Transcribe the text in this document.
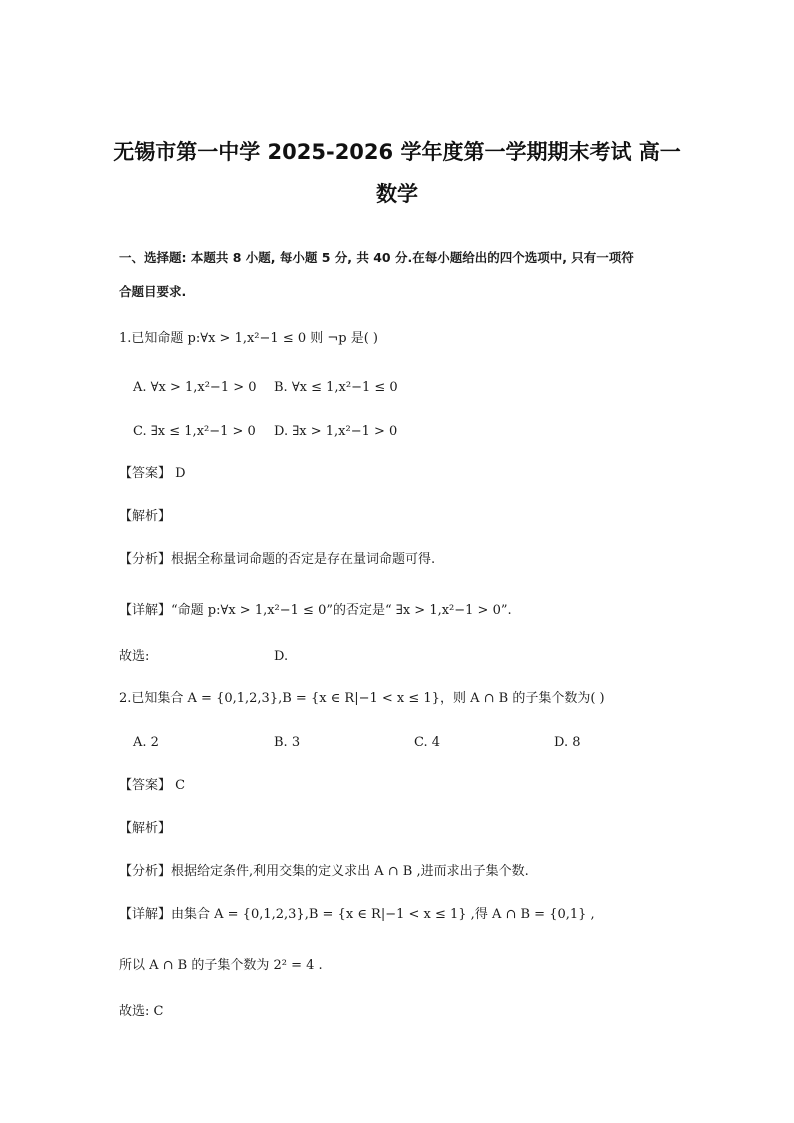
无锡市第一中学 2025-2026 学年度第一学期期末考试 高一
数学
一、选择题: 本题共 8 小题, 每小题 5 分, 共 40 分.在每小题给出的四个选项中, 只有一项符
合题目要求.
1.已知命题 p:∀x > 1,x²−1 ≤ 0 则 ¬p 是( )
A. ∀x > 1,x²−1 > 0 B. ∀x ≤ 1,x²−1 ≤ 0
C. ∃x ≤ 1,x²−1 > 0 D. ∃x > 1,x²−1 > 0
【答案】 D
【解析】
【分析】根据全称量词命题的否定是存在量词命题可得.
【详解】“命题 p:∀x > 1,x²−1 ≤ 0”的否定是“ ∃x > 1,x²−1 > 0”.
故选:	D.
2.已知集合 A = {0,1,2,3},B = {x ∈ R|−1 < x ≤ 1}，则 A ∩ B 的子集个数为( )
A. 2	B. 3	C. 4	D. 8
【答案】 C
【解析】
【分析】根据给定条件,利用交集的定义求出 A ∩ B ,进而求出子集个数.
【详解】由集合 A = {0,1,2,3},B = {x ∈ R|−1 < x ≤ 1} ,得 A ∩ B = {0,1} ,
所以 A ∩ B 的子集个数为 2² = 4 .
故选: C
